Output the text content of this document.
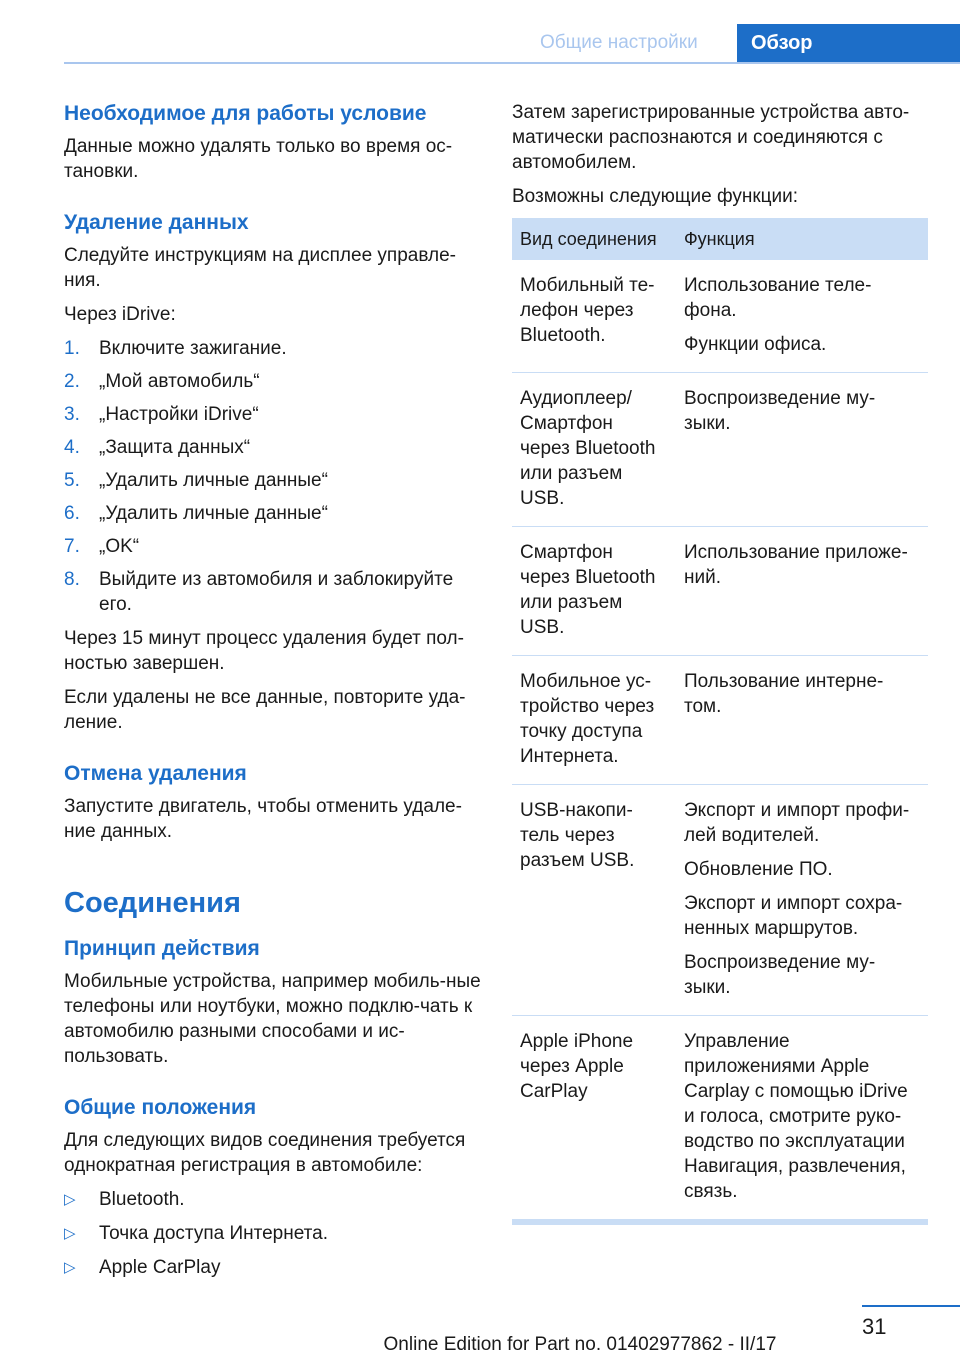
Общие настройки	Обзор
Необходимое для работы условие

Данные можно удалять только во время ос-тановки.

Удаление данных

Следуйте инструкциям на дисплее управле-ния.

Через iDrive:

1. Включите зажигание.
2. „Мой автомобиль“
3. „Настройки iDrive“
4. „Защита данных“
5. „Удалить личные данные“
6. „Удалить личные данные“
7. „OK“
8. Выйдите из автомобиля и заблокируйте его.

Через 15 минут процесс удаления будет пол-ностью завершен.

Если удалены не все данные, повторите уда-ление.

Отмена удаления

Запустите двигатель, чтобы отменить удале-ние данных.

Соединения
Принцип действия

Мобильные устройства, например мобиль-ные телефоны или ноутбуки, можно подклю-чать к автомобилю разными способами и ис-пользовать.

Общие положения

Для следующих видов соединения требуется однократная регистрация в автомобиле:

▷ Bluetooth.
▷ Точка доступа Интернета.
▷ Apple CarPlay

Затем зарегистрированные устройства авто-матически распознаются и соединяются с автомобилем.

Возможны следующие функции:

Вид соединения	Функция
Мобильный те-лефон через Bluetooth.	Использование теле-фона.

Функции офиса.

Аудиоплеер/ Смартфон через Bluetooth или разъем USB.	Воспроизведение му-зыки.

Смартфон через Bluetooth или разъем USB.	Использование приложе-ний.

Мобильное ус-тройство через точку доступа Интернета.	Пользование интерне-том.

USB-накопи-тель через разъем USB.	Экспорт и импорт профи-лей водителей.

Обновление ПО.

Экспорт и импорт сохра-ненных маршрутов.

Воспроизведение му-зыки.

Apple iPhone через Apple CarPlay	Управление приложениями Apple Carplay с помощью iDrive и голоса, смотрите руко-водство по эксплуатации Навигация, развлечения, связь.

31
Online Edition for Part no. 01402977862 - II/17
